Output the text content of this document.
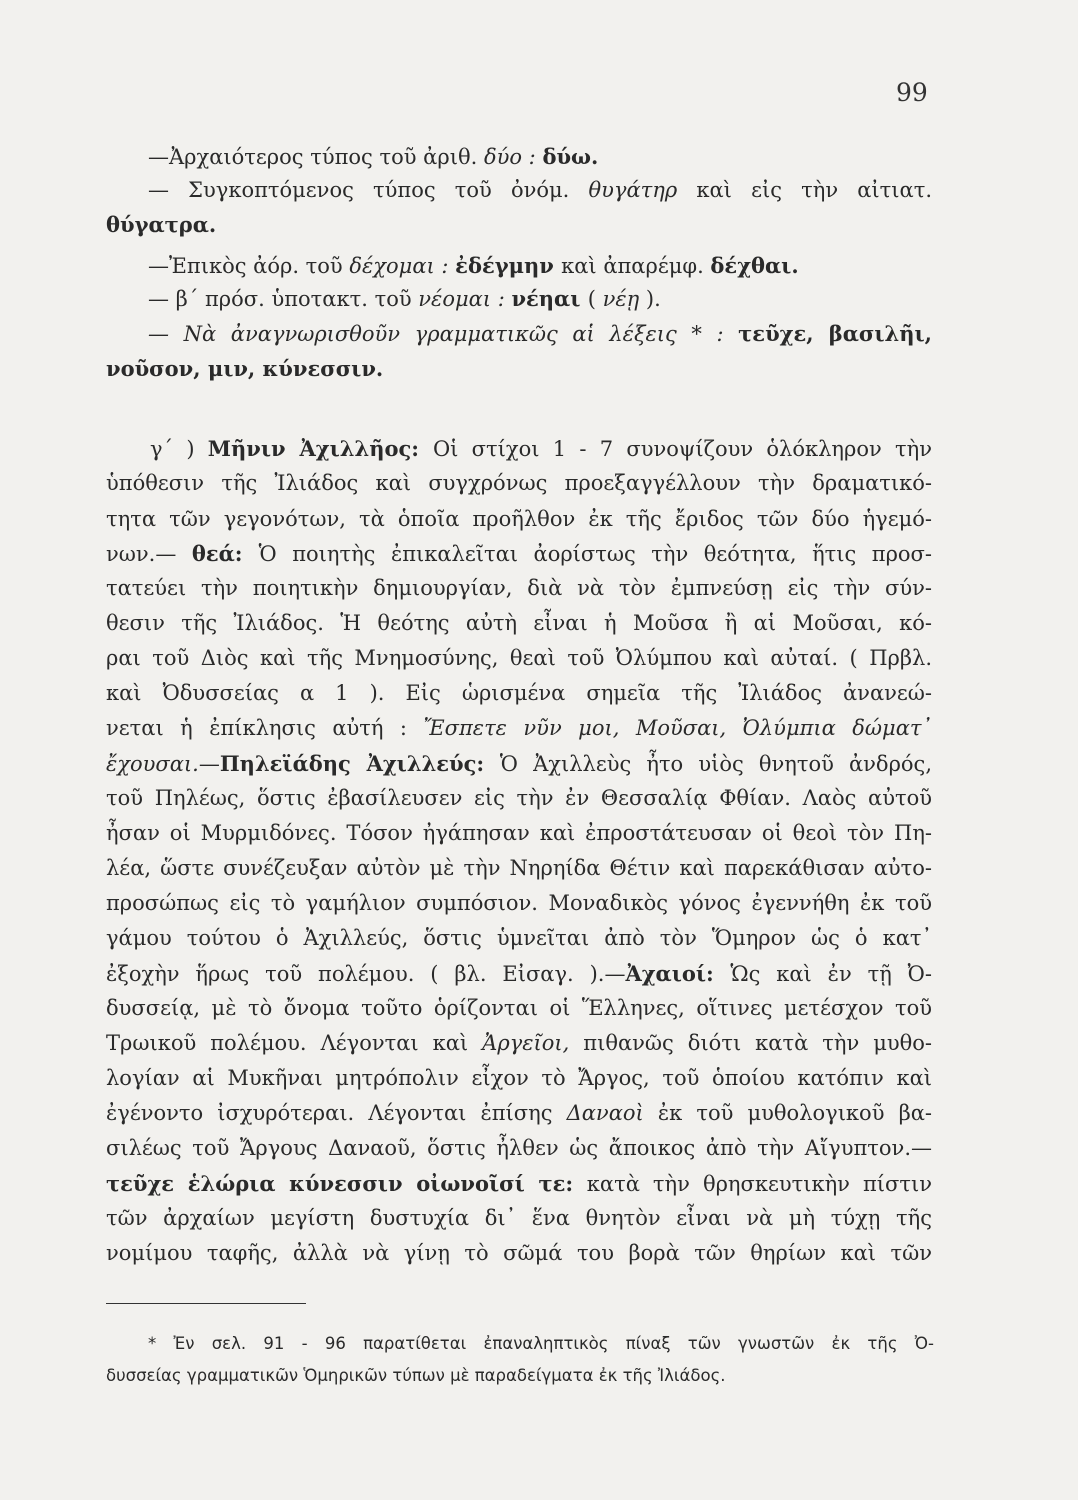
99
—Ἀρχαιότερος τύπος τοῦ ἀριθ. δύο : δύω.
— Συγκοπτόμενος τύπος τοῦ ὀνόμ. θυγάτηρ καὶ εἰς τὴν αἰτιατ.
θύγατρα.
—Ἐπικὸς ἀόρ. τοῦ δέχομαι : ἐδέγμην καὶ ἀπαρέμφ. δέχθαι.
— β΄ πρόσ. ὑποτακτ. τοῦ νέομαι : νέηαι ( νέῃ ).
— Νὰ ἀναγνωρισθοῦν γραμματικῶς αἱ λέξεις * : τεῦχε, βασιλῆι,
νοῦσον, μιν, κύνεσσιν.
γ΄ ) Μῆνιν Ἀχιλλῆος: Οἱ στίχοι 1 - 7 συνοψίζουν ὁλόκληρον τὴν
ὑπόθεσιν τῆς Ἰλιάδος καὶ συγχρόνως προεξαγγέλλουν τὴν δραματικό-
τητα τῶν γεγονότων, τὰ ὁποῖα προῆλθον ἐκ τῆς ἔριδος τῶν δύο ἡγεμό-
νων.— θεά: Ὁ ποιητὴς ἐπικαλεῖται ἀορίστως τὴν θεότητα, ἥτις προσ-
τατεύει τὴν ποιητικὴν δημιουργίαν, διὰ νὰ τὸν ἐμπνεύσῃ εἰς τὴν σύν-
θεσιν τῆς Ἰλιάδος. Ἡ θεότης αὐτὴ εἶναι ἡ Μοῦσα ἢ αἱ Μοῦσαι, κό-
ραι τοῦ Διὸς καὶ τῆς Μνημοσύνης, θεαὶ τοῦ Ὀλύμπου καὶ αὐταί. ( Πρβλ.
καὶ Ὀδυσσείας α 1 ). Εἰς ὡρισμένα σημεῖα τῆς Ἰλιάδος ἀνανεώ-
νεται ἡ ἐπίκλησις αὐτή : Ἔσπετε νῦν μοι, Μοῦσαι, Ὀλύμπια δώματ᾽
ἔχουσαι.—Πηλεϊάδης Ἀχιλλεύς: Ὁ Ἀχιλλεὺς ἦτο υἱὸς θνητοῦ ἀνδρός,
τοῦ Πηλέως, ὅστις ἐβασίλευσεν εἰς τὴν ἐν Θεσσαλίᾳ Φθίαν. Λαὸς αὐτοῦ
ἦσαν οἱ Μυρμιδόνες. Τόσον ἠγάπησαν καὶ ἐπροστάτευσαν οἱ θεοὶ τὸν Πη-
λέα, ὥστε συνέζευξαν αὐτὸν μὲ τὴν Νηρηίδα Θέτιν καὶ παρεκάθισαν αὐτο-
προσώπως εἰς τὸ γαμήλιον συμπόσιον. Μοναδικὸς γόνος ἐγεννήθη ἐκ τοῦ
γάμου τούτου ὁ Ἀχιλλεύς, ὅστις ὑμνεῖται ἀπὸ τὸν Ὅμηρον ὡς ὁ κατ᾽
ἐξοχὴν ἥρως τοῦ πολέμου. ( βλ. Εἰσαγ. ).—Ἀχαιοί: Ὡς καὶ ἐν τῇ Ὀ-
δυσσείᾳ, μὲ τὸ ὄνομα τοῦτο ὁρίζονται οἱ Ἕλληνες, οἵτινες μετέσχον τοῦ
Τρωικοῦ πολέμου. Λέγονται καὶ Ἀργεῖοι, πιθανῶς διότι κατὰ τὴν μυθο-
λογίαν αἱ Μυκῆναι μητρόπολιν εἶχον τὸ Ἄργος, τοῦ ὁποίου κατόπιν καὶ
ἐγένοντο ἰσχυρότεραι. Λέγονται ἐπίσης Δαναοὶ ἐκ τοῦ μυθολογικοῦ βα-
σιλέως τοῦ Ἄργους Δαναοῦ, ὅστις ἦλθεν ὡς ἄποικος ἀπὸ τὴν Αἴγυπτον.—
τεῦχε ἑλώρια κύνεσσιν οἰωνοῖσί τε: κατὰ τὴν θρησκευτικὴν πίστιν
τῶν ἀρχαίων μεγίστη δυστυχία δι᾽ ἕνα θνητὸν εἶναι νὰ μὴ τύχῃ τῆς
νομίμου ταφῆς, ἀλλὰ νὰ γίνῃ τὸ σῶμά του βορὰ τῶν θηρίων καὶ τῶν
* Ἐν σελ. 91 - 96 παρατίθεται ἐπαναληπτικὸς πίναξ τῶν γνωστῶν ἐκ τῆς Ὀ-
δυσσείας γραμματικῶν Ὁμηρικῶν τύπων μὲ παραδείγματα ἐκ τῆς Ἰλιάδος.
